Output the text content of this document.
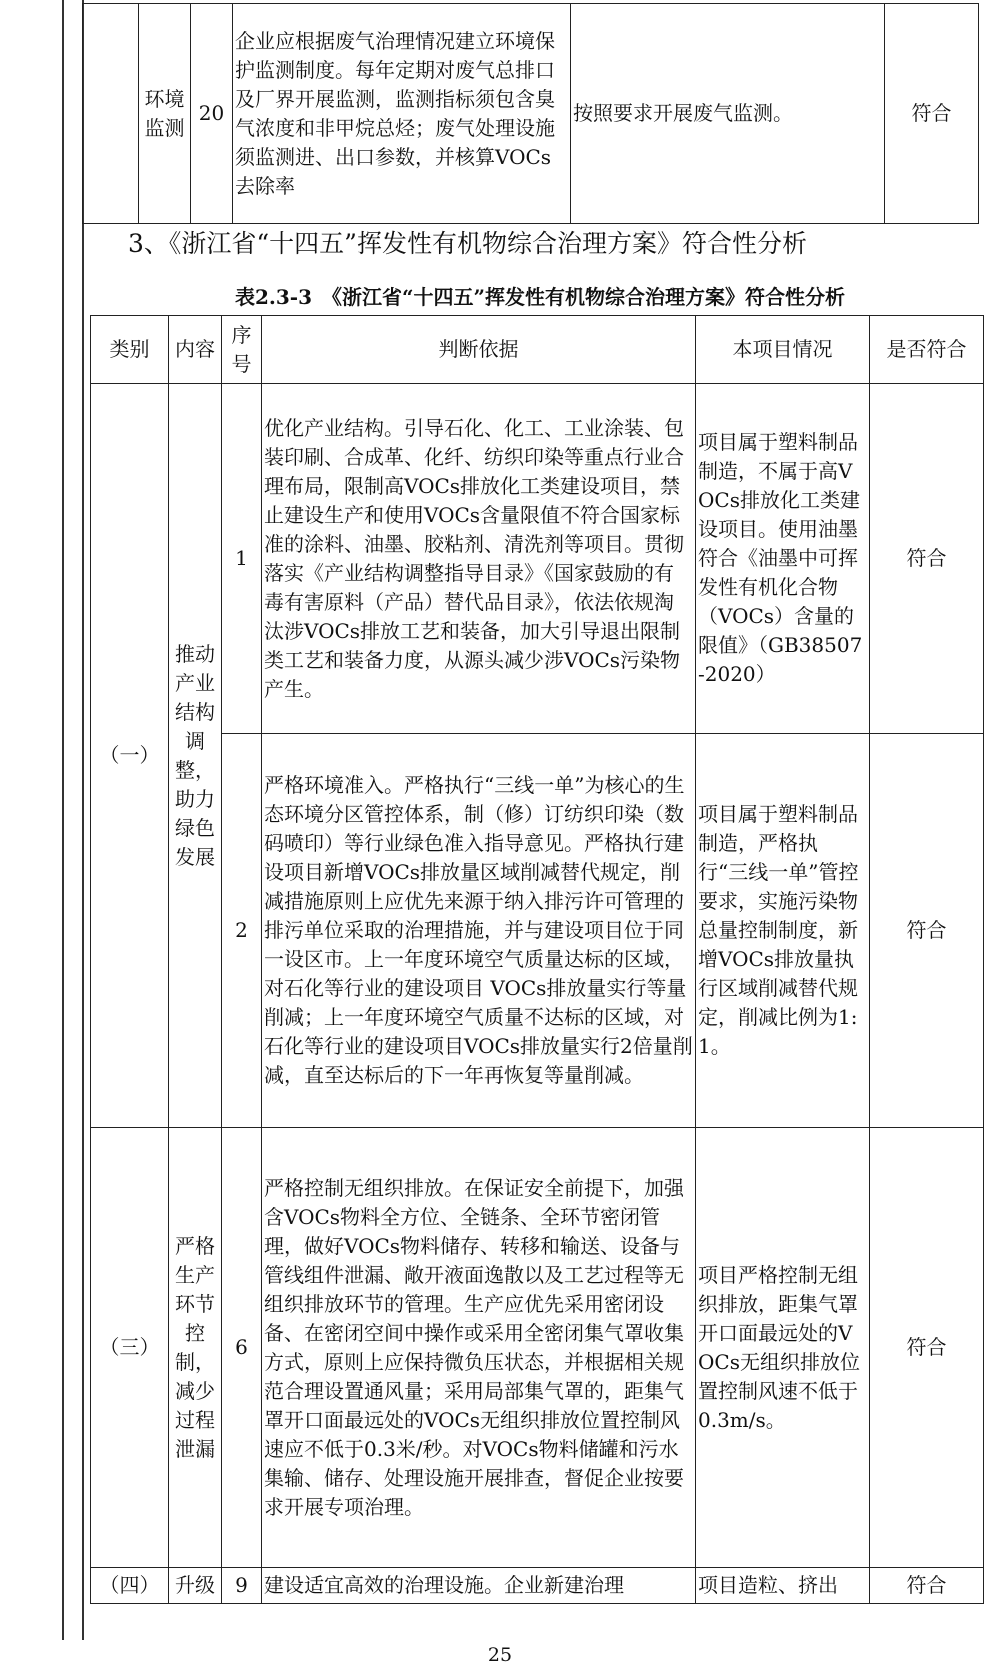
	环境监测	20	企业应根据废气治理情况建立环境保护监测制度。每年定期对废气总排口及厂界开展监测，监测指标须包含臭气浓度和非甲烷总烃；废气处理设施须监测进、出口参数，并核算VOCs去除率	按照要求开展废气监测。	符合
3、《浙江省“十四五”挥发性有机物综合治理方案》符合性分析
表2.3-3　《浙江省“十四五”挥发性有机物综合治理方案》符合性分析
类别	内容	序号	判断依据	本项目情况	是否符合
（一）	推动产业结构调整，助力绿色发展	1	优化产业结构。引导石化、化工、工业涂装、包装印刷、合成革、化纤、纺织印染等重点行业合理布局，限制高VOCs排放化工类建设项目，禁止建设生产和使用VOCs含量限值不符合国家标准的涂料、油墨、胶粘剂、清洗剂等项目。贯彻落实《产业结构调整指导目录》《国家鼓励的有毒有害原料（产品）替代品目录》，依法依规淘汰涉VOCs排放工艺和装备，加大引导退出限制类工艺和装备力度，从源头减少涉VOCs污染物产生。	项目属于塑料制品制造，不属于高VOCs排放化工类建设项目。使用油墨符合《油墨中可挥发性有机化合物（VOCs）含量的限值》（GB38507-2020）	符合
		2	严格环境准入。严格执行“三线一单”为核心的生态环境分区管控体系，制（修）订纺织印染（数码喷印）等行业绿色准入指导意见。严格执行建设项目新增VOCs排放量区域削减替代规定，削减措施原则上应优先来源于纳入排污许可管理的排污单位采取的治理措施，并与建设项目位于同一设区市。上一年度环境空气质量达标的区域，对石化等行业的建设项目 VOCs排放量实行等量削减；上一年度环境空气质量不达标的区域，对石化等行业的建设项目VOCs排放量实行2倍量削减，直至达标后的下一年再恢复等量削减。	项目属于塑料制品制造，严格执行“三线一单”管控要求，实施污染物总量控制制度，新增VOCs排放量执行区域削减替代规定，削减比例为1:1。	符合
（三）	严格生产环节控制，减少过程泄漏	6	严格控制无组织排放。在保证安全前提下，加强含VOCs物料全方位、全链条、全环节密闭管理，做好VOCs物料储存、转移和输送、设备与管线组件泄漏、敞开液面逸散以及工艺过程等无组织排放环节的管理。生产应优先采用密闭设备、在密闭空间中操作或采用全密闭集气罩收集方式，原则上应保持微负压状态，并根据相关规范合理设置通风量；采用局部集气罩的，距集气罩开口面最远处的VOCs无组织排放位置控制风速应不低于0.3米/秒。对VOCs物料储罐和污水集输、储存、处理设施开展排查，督促企业按要求开展专项治理。	项目严格控制无组织排放，距集气罩开口面最远处的VOCs无组织排放位置控制风速不低于0.3m/s。	符合
（四）	升级	9	建设适宜高效的治理设施。企业新建治理	项目造粒、挤出	符合
25
